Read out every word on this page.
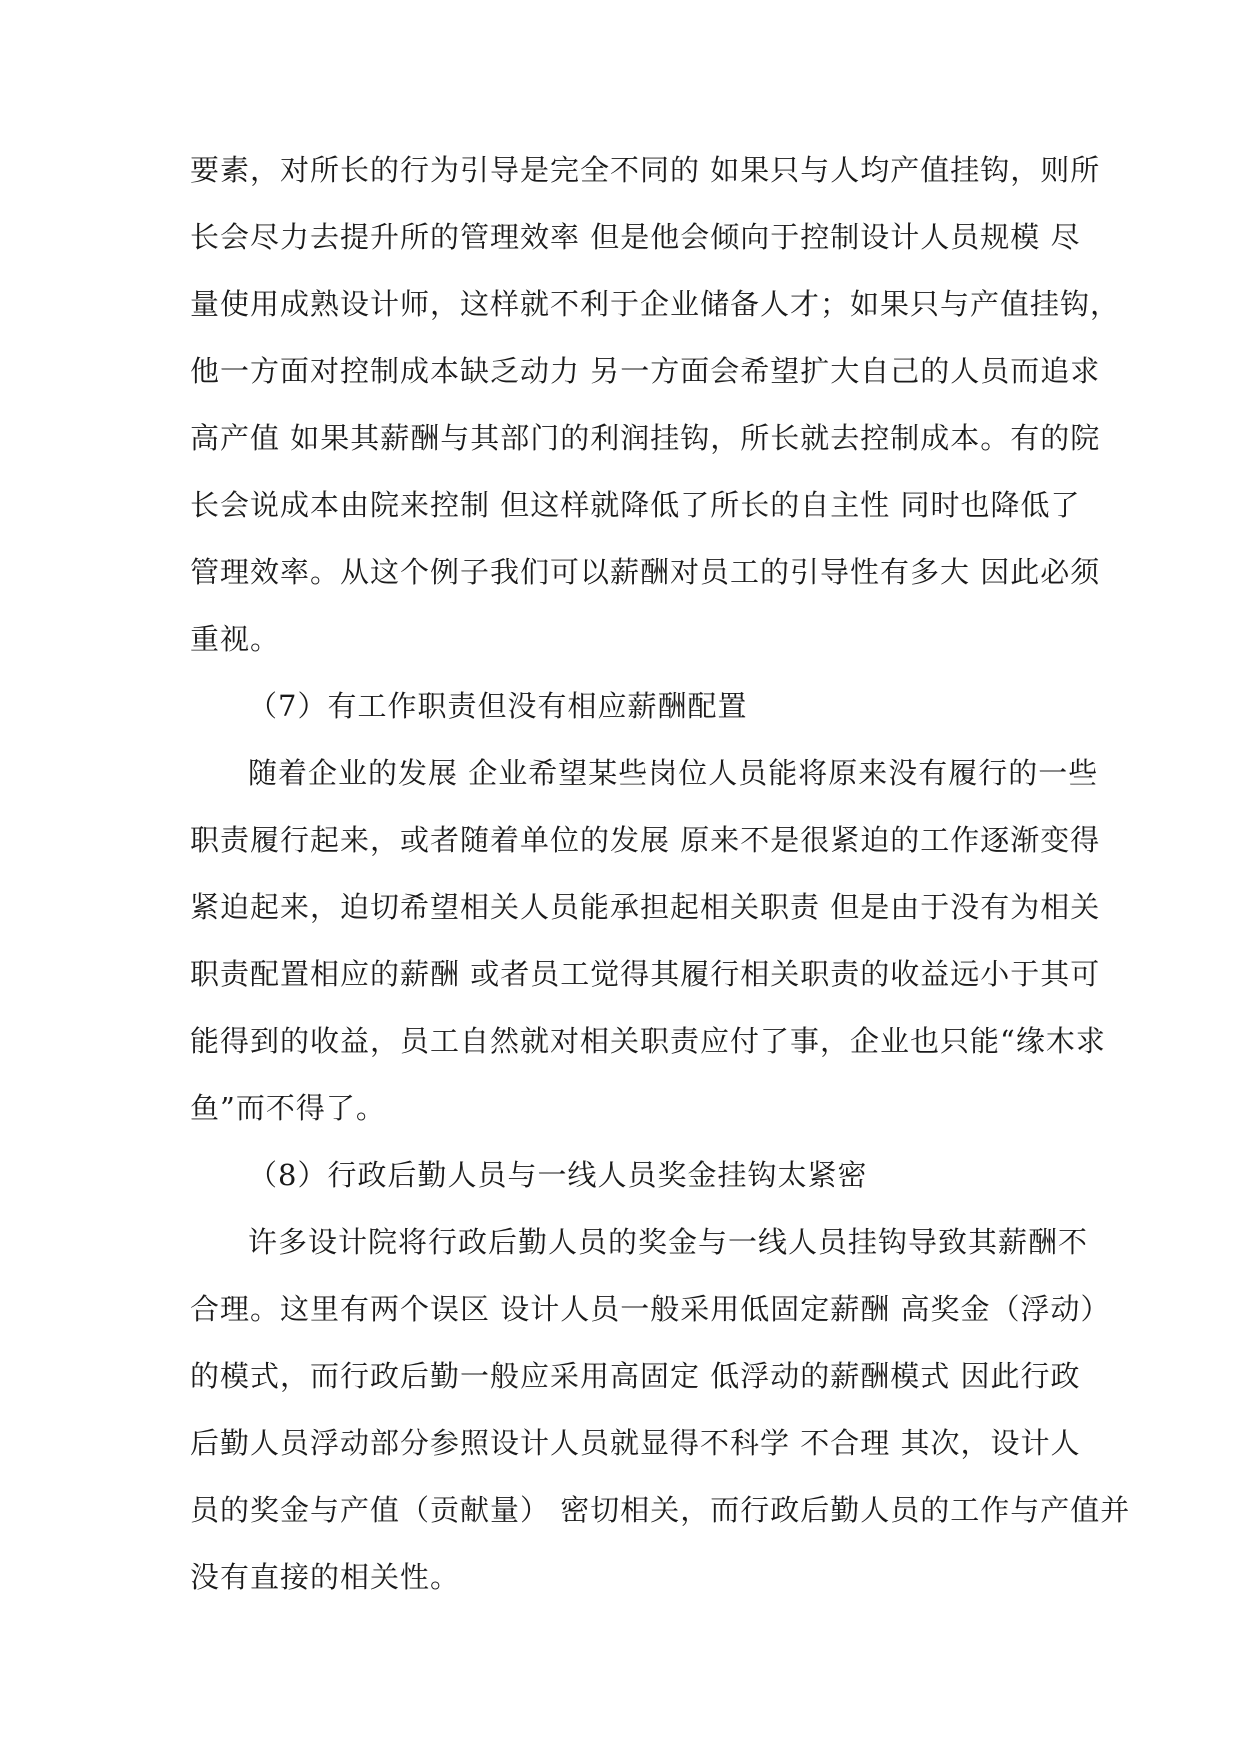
要素，对所长的行为引导是完全不同的 如果只与人均产值挂钩，则所
长会尽力去提升所的管理效率 但是他会倾向于控制设计人员规模 尽
量使用成熟设计师，这样就不利于企业储备人才；如果只与产值挂钩，
他一方面对控制成本缺乏动力 另一方面会希望扩大自己的人员而追求
高产值 如果其薪酬与其部门的利润挂钩，所长就去控制成本。有的院
长会说成本由院来控制 但这样就降低了所长的自主性 同时也降低了
管理效率。从这个例子我们可以薪酬对员工的引导性有多大 因此必须
重视。
（7）有工作职责但没有相应薪酬配置
随着企业的发展 企业希望某些岗位人员能将原来没有履行的一些
职责履行起来，或者随着单位的发展 原来不是很紧迫的工作逐渐变得
紧迫起来，迫切希望相关人员能承担起相关职责 但是由于没有为相关
职责配置相应的薪酬 或者员工觉得其履行相关职责的收益远小于其可
能得到的收益，员工自然就对相关职责应付了事，企业也只能“缘木求
鱼”而不得了。
（8）行政后勤人员与一线人员奖金挂钩太紧密
许多设计院将行政后勤人员的奖金与一线人员挂钩导致其薪酬不
合理。这里有两个误区 设计人员一般采用低固定薪酬 高奖金（浮动）
的模式，而行政后勤一般应采用高固定 低浮动的薪酬模式 因此行政
后勤人员浮动部分参照设计人员就显得不科学 不合理 其次，设计人
员的奖金与产值（贡献量） 密切相关，而行政后勤人员的工作与产值并
没有直接的相关性。
